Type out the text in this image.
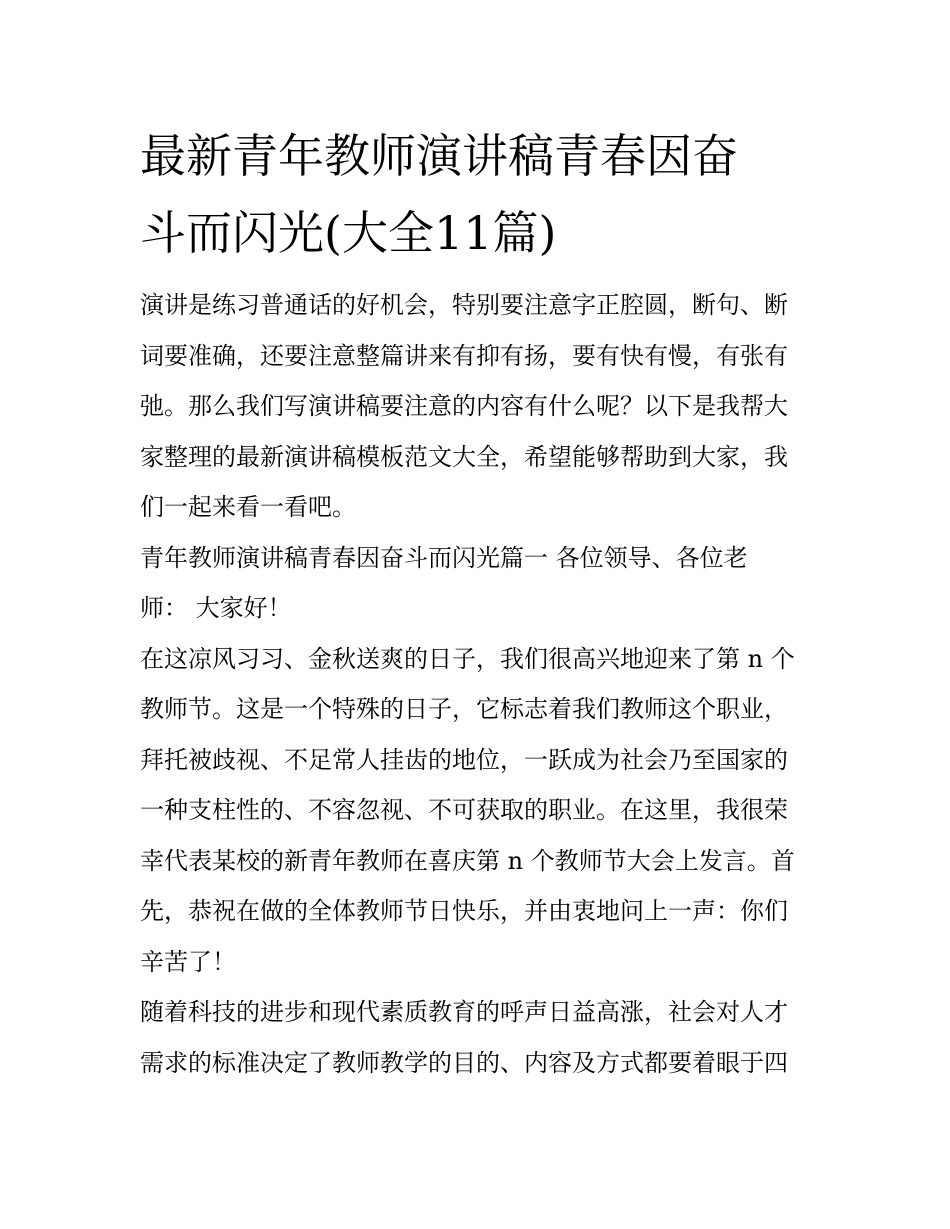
最新青年教师演讲稿青春因奋
斗而闪光(大全11篇)
演讲是练习普通话的好机会，特别要注意字正腔圆，断句、断
词要准确，还要注意整篇讲来有抑有扬，要有快有慢，有张有
弛。那么我们写演讲稿要注意的内容有什么呢？以下是我帮大
家整理的最新演讲稿模板范文大全，希望能够帮助到大家，我
们一起来看一看吧。
青年教师演讲稿青春因奋斗而闪光篇一 各位领导、各位老
师： 大家好！
在这凉风习习、金秋送爽的日子，我们很高兴地迎来了第 n 个
教师节。这是一个特殊的日子，它标志着我们教师这个职业，
拜托被歧视、不足常人挂齿的地位，一跃成为社会乃至国家的
一种支柱性的、不容忽视、不可获取的职业。在这里，我很荣
幸代表某校的新青年教师在喜庆第 n 个教师节大会上发言。首
先，恭祝在做的全体教师节日快乐，并由衷地问上一声：你们
辛苦了！
随着科技的进步和现代素质教育的呼声日益高涨，社会对人才
需求的标准决定了教师教学的目的、内容及方式都要着眼于四
